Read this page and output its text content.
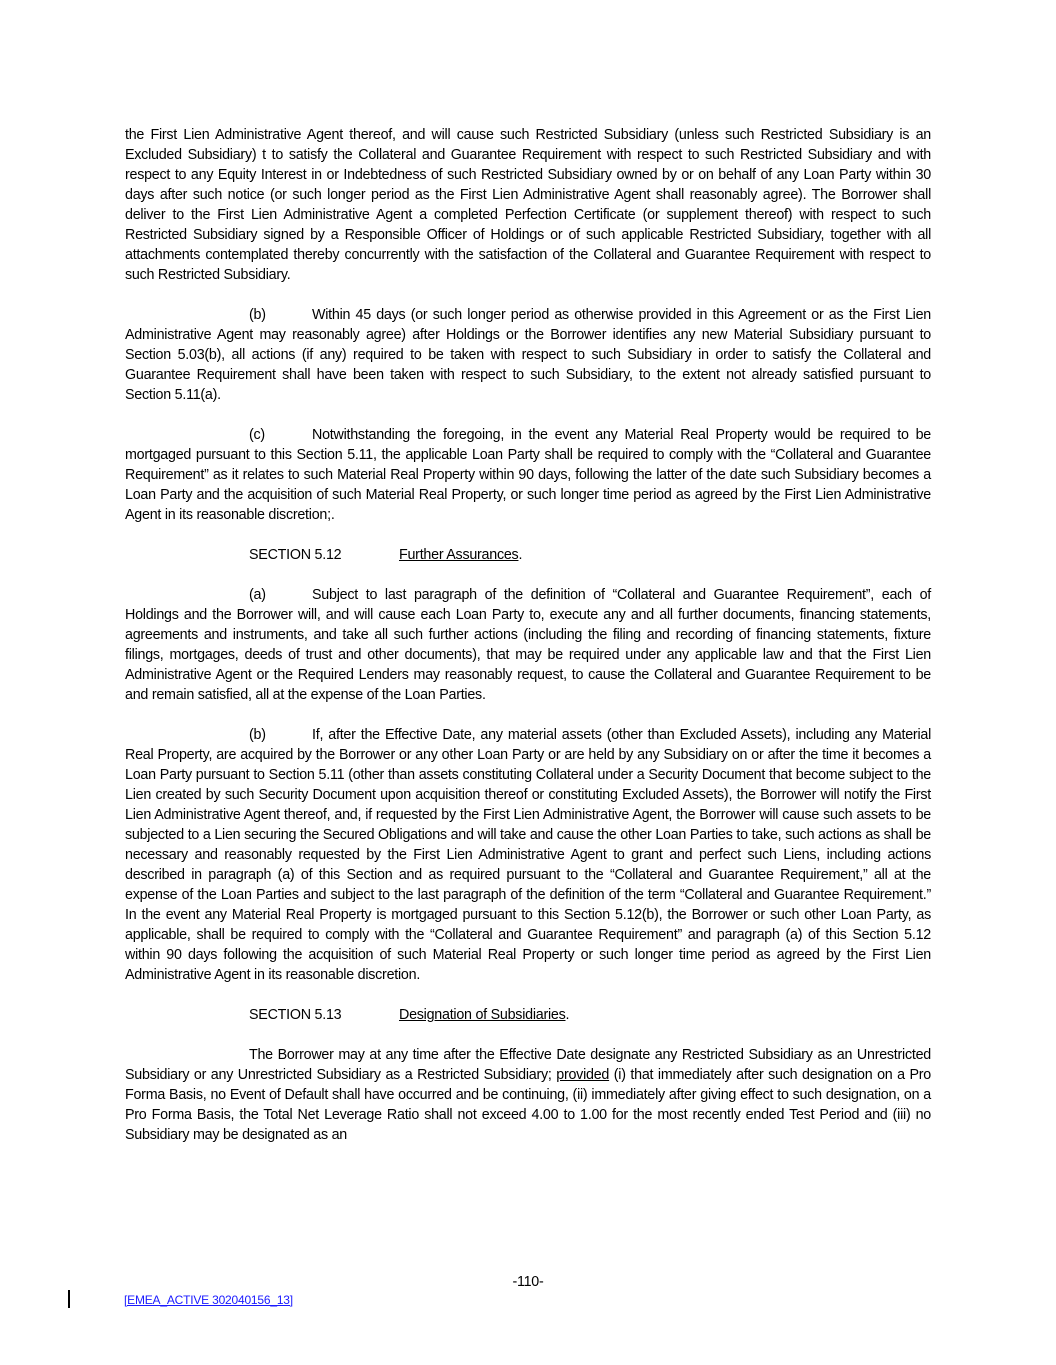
the First Lien Administrative Agent thereof, and will cause such Restricted Subsidiary (unless such Restricted Subsidiary is an Excluded Subsidiary) t to satisfy the Collateral and Guarantee Requirement with respect to such Restricted Subsidiary and with respect to any Equity Interest in or Indebtedness of such Restricted Subsidiary owned by or on behalf of any Loan Party within 30 days after such notice (or such longer period as the First Lien Administrative Agent shall reasonably agree). The Borrower shall deliver to the First Lien Administrative Agent a completed Perfection Certificate (or supplement thereof) with respect to such Restricted Subsidiary signed by a Responsible Officer of Holdings or of such applicable Restricted Subsidiary, together with all attachments contemplated thereby concurrently with the satisfaction of the Collateral and Guarantee Requirement with respect to such Restricted Subsidiary.

(b)	Within 45 days (or such longer period as otherwise provided in this Agreement or as the First Lien Administrative Agent may reasonably agree) after Holdings or the Borrower identifies any new Material Subsidiary pursuant to Section 5.03(b), all actions (if any) required to be taken with respect to such Subsidiary in order to satisfy the Collateral and Guarantee Requirement shall have been taken with respect to such Subsidiary, to the extent not already satisfied pursuant to Section 5.11(a).

(c)	Notwithstanding the foregoing, in the event any Material Real Property would be required to be mortgaged pursuant to this Section 5.11, the applicable Loan Party shall be required to comply with the “Collateral and Guarantee Requirement” as it relates to such Material Real Property within 90 days, following the latter of the date such Subsidiary becomes a Loan Party and the acquisition of such Material Real Property, or such longer time period as agreed by the First Lien Administrative Agent in its reasonable discretion;.

SECTION 5.12	Further Assurances.

(a)	Subject to last paragraph of the definition of “Collateral and Guarantee Requirement”, each of Holdings and the Borrower will, and will cause each Loan Party to, execute any and all further documents, financing statements, agreements and instruments, and take all such further actions (including the filing and recording of financing statements, fixture filings, mortgages, deeds of trust and other documents), that may be required under any applicable law and that the First Lien Administrative Agent or the Required Lenders may reasonably request, to cause the Collateral and Guarantee Requirement to be and remain satisfied, all at the expense of the Loan Parties.

(b)	If, after the Effective Date, any material assets (other than Excluded Assets), including any Material Real Property, are acquired by the Borrower or any other Loan Party or are held by any Subsidiary on or after the time it becomes a Loan Party pursuant to Section 5.11 (other than assets constituting Collateral under a Security Document that become subject to the Lien created by such Security Document upon acquisition thereof or constituting Excluded Assets), the Borrower will notify the First Lien Administrative Agent thereof, and, if requested by the First Lien Administrative Agent, the Borrower will cause such assets to be subjected to a Lien securing the Secured Obligations and will take and cause the other Loan Parties to take, such actions as shall be necessary and reasonably requested by the First Lien Administrative Agent to grant and perfect such Liens, including actions described in paragraph (a) of this Section and as required pursuant to the “Collateral and Guarantee Requirement,” all at the expense of the Loan Parties and subject to the last paragraph of the definition of the term “Collateral and Guarantee Requirement.” In the event any Material Real Property is mortgaged pursuant to this Section 5.12(b), the Borrower or such other Loan Party, as applicable, shall be required to comply with the “Collateral and Guarantee Requirement” and paragraph (a) of this Section 5.12 within 90 days following the acquisition of such Material Real Property or such longer time period as agreed by the First Lien Administrative Agent in its reasonable discretion.

SECTION 5.13	Designation of Subsidiaries.

The Borrower may at any time after the Effective Date designate any Restricted Subsidiary as an Unrestricted Subsidiary or any Unrestricted Subsidiary as a Restricted Subsidiary; provided (i) that immediately after such designation on a Pro Forma Basis, no Event of Default shall have occurred and be continuing, (ii) immediately after giving effect to such designation, on a Pro Forma Basis, the Total Net Leverage Ratio shall not exceed 4.00 to 1.00 for the most recently ended Test Period and (iii) no Subsidiary may be designated as an

-110-
[EMEA_ACTIVE 302040156_13]
